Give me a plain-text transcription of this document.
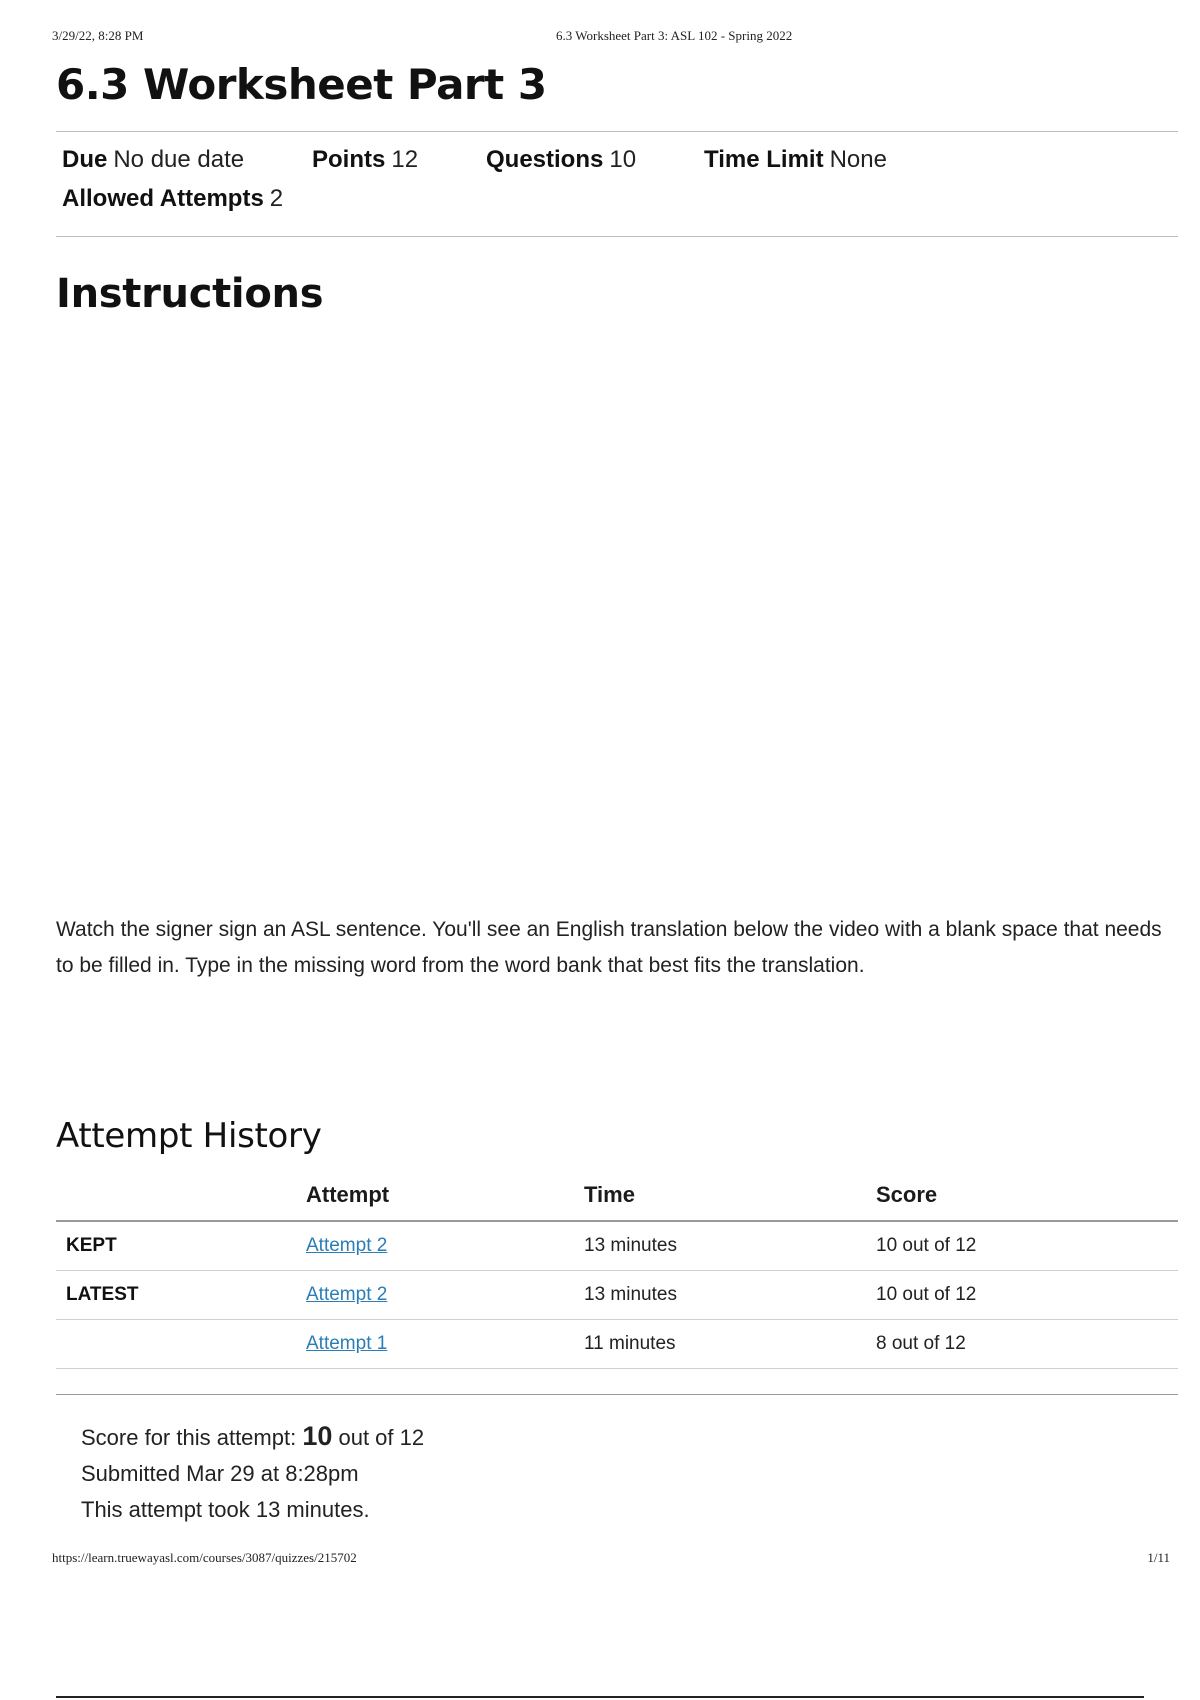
3/29/22, 8:28 PM	6.3 Worksheet Part 3: ASL 102 - Spring 2022
6.3 Worksheet Part 3
Due No due date	Points 12	Questions 10	Time Limit None
Allowed Attempts 2
Instructions
Watch the signer sign an ASL sentence. You'll see an English translation below the video with a blank space that needs to be filled in. Type in the missing word from the word bank that best fits the translation.
Attempt History
	Attempt	Time	Score
KEPT	Attempt 2	13 minutes	10 out of 12
LATEST	Attempt 2	13 minutes	10 out of 12
	Attempt 1	11 minutes	8 out of 12
Score for this attempt: 10 out of 12
Submitted Mar 29 at 8:28pm
This attempt took 13 minutes.
https://learn.truewayasl.com/courses/3087/quizzes/215702	1/11
